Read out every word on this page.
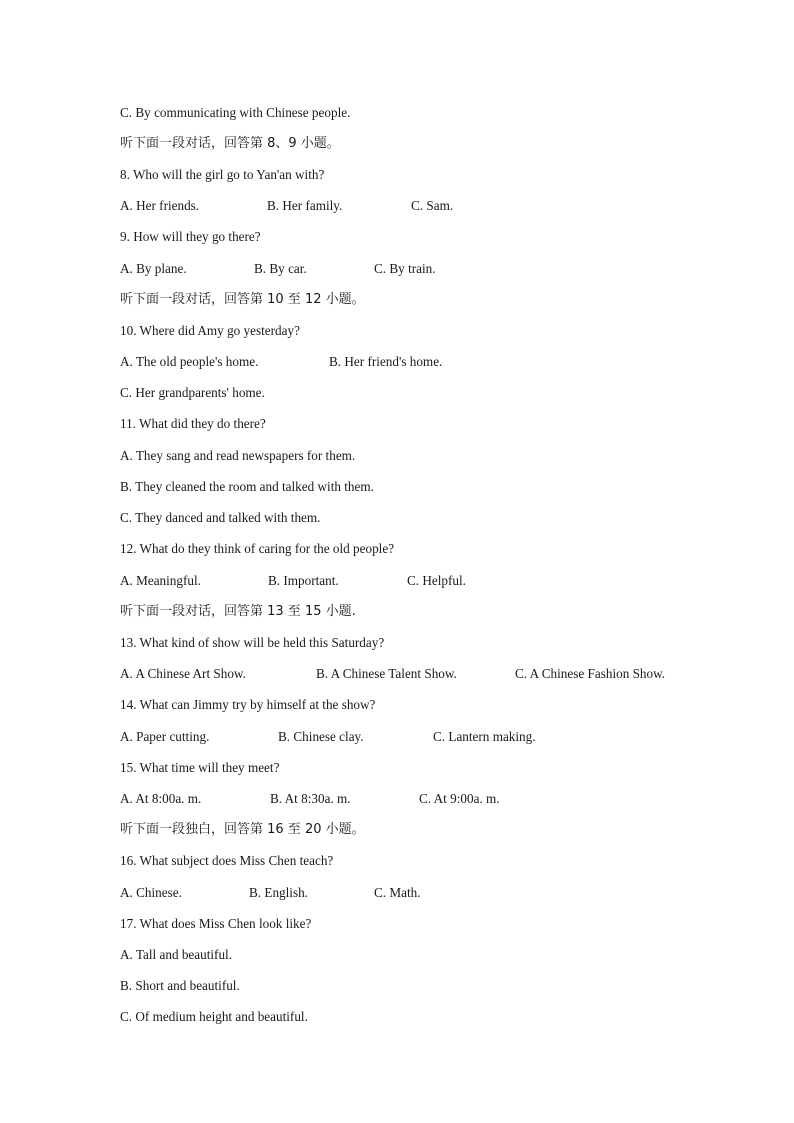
C. By communicating with Chinese people.
听下面一段对话，回答第 8、9 小题。
8. Who will the girl go to Yan'an with?
A. Her friends.	B. Her family.	C. Sam.
9. How will they go there?
A. By plane.	B. By car.	C. By train.
听下面一段对话，回答第 10 至 12 小题。
10. Where did Amy go yesterday?
A. The old people's home.	B. Her friend's home.
C. Her grandparents' home.
11. What did they do there?
A. They sang and read newspapers for them.
B. They cleaned the room and talked with them.
C. They danced and talked with them.
12. What do they think of caring for the old people?
A. Meaningful.	B. Important.	C. Helpful.
听下面一段对话，回答第 13 至 15 小题.
13. What kind of show will be held this Saturday?
A. A Chinese Art Show.	B. A Chinese Talent Show.	C. A Chinese Fashion Show.
14. What can Jimmy try by himself at the show?
A. Paper cutting.	B. Chinese clay.	C. Lantern making.
15. What time will they meet?
A. At 8:00a. m.	B. At 8:30a. m.	C. At 9:00a. m.
听下面一段独白，回答第 16 至 20 小题。
16. What subject does Miss Chen teach?
A. Chinese.	B. English.	C. Math.
17. What does Miss Chen look like?
A. Tall and beautiful.
B. Short and beautiful.
C. Of medium height and beautiful.
